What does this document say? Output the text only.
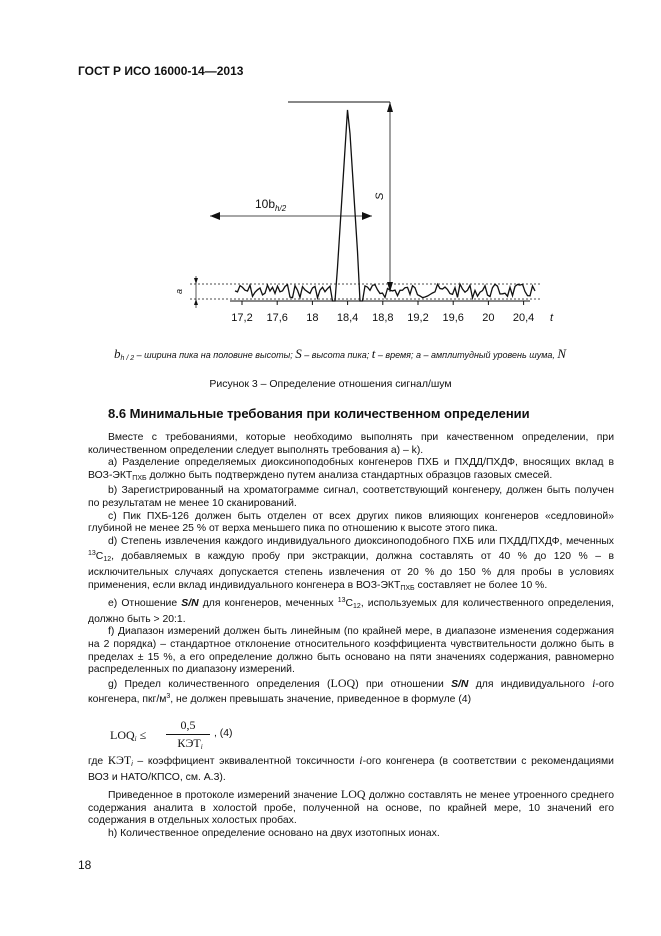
ГОСТ Р ИСО 16000-14—2013
S
$10b_{h/2}$
a
17,2 17,6 18 18,4 18,8 19,2 19,6 20 20,4 t
$b_{h / 2}$ – ширина пика на половине высоты; S – высота пика; t – время; a – амплитудный уровень шума, N
Рисунок 3 – Определение отношения сигнал/шум
8.6 Минимальные требования при количественном определении

Вместе с требованиями, которые необходимо выполнять при качественном определении, при количественном определении следует выполнять требования а) – k).

а) Разделение определяемых диоксиноподобных конгенеров ПХБ и ПХДД/ПХДФ, вносящих вклад в ВОЗ-$ЭКТ_{ПХБ}$ должно быть подтверждено путем анализа стандартных образцов газовых смесей.

b) Зарегистрированный на хроматограмме сигнал, соответствующий конгенеру, должен быть получен по результатам не менее 10 сканирований.

с) Пик ПХБ-126 должен быть отделен от всех других пиков влияющих конгенеров «седловиной» глубиной не менее 25 % от верха меньшего пика по отношению к высоте этого пика.

d) Степень извлечения каждого индивидуального диоксиноподобного ПХБ или ПХДД/ПХДФ, меченных $^{13}C_{12}$, добавляемых в каждую пробу при экстракции, должна составлять от 40 % до 120 % – в исключительных случаях допускается степень извлечения от 20 % до 150 % для пробы в условиях применения, если вклад индивидуального конгенера в ВОЗ-$ЭКТ_{ПХБ}$ составляет не более 10 %.

е) Отношение S/N для конгенеров, меченных $^{13}C_{12}$, используемых для количественного определения, должно быть > 20:1.

f) Диапазон измерений должен быть линейным (по крайней мере, в диапазоне изменения содержания на 2 порядка) – стандартное отклонение относительного коэффициента чувствительности должно быть в пределах ± 15 %, а его определение должно быть основано на пяти значениях содержания, равномерно распределенных по диапазону измерений.

g) Предел количественного определения (LOQ) при отношении S/N для индивидуального i-ого конгенера, пкг/$м^3$, не должен превышать значение, приведенное в формуле (4)

$LOQ_i$ ≤
0,5
$КЭТ_i$
, (4)

где $КЭТ_i$ – коэффициент эквивалентной токсичности i-ого конгенера (в соответствии с рекомендациями ВОЗ и НАТО/КПСО, см. А.3).

Приведенное в протоколе измерений значение LOQ должно составлять не менее утроенного среднего содержания аналита в холостой пробе, полученной на основе, по крайней мере, 10 значений его содержания в отдельных холостых пробах.

h) Количественное определение основано на двух изотопных ионах.

18
